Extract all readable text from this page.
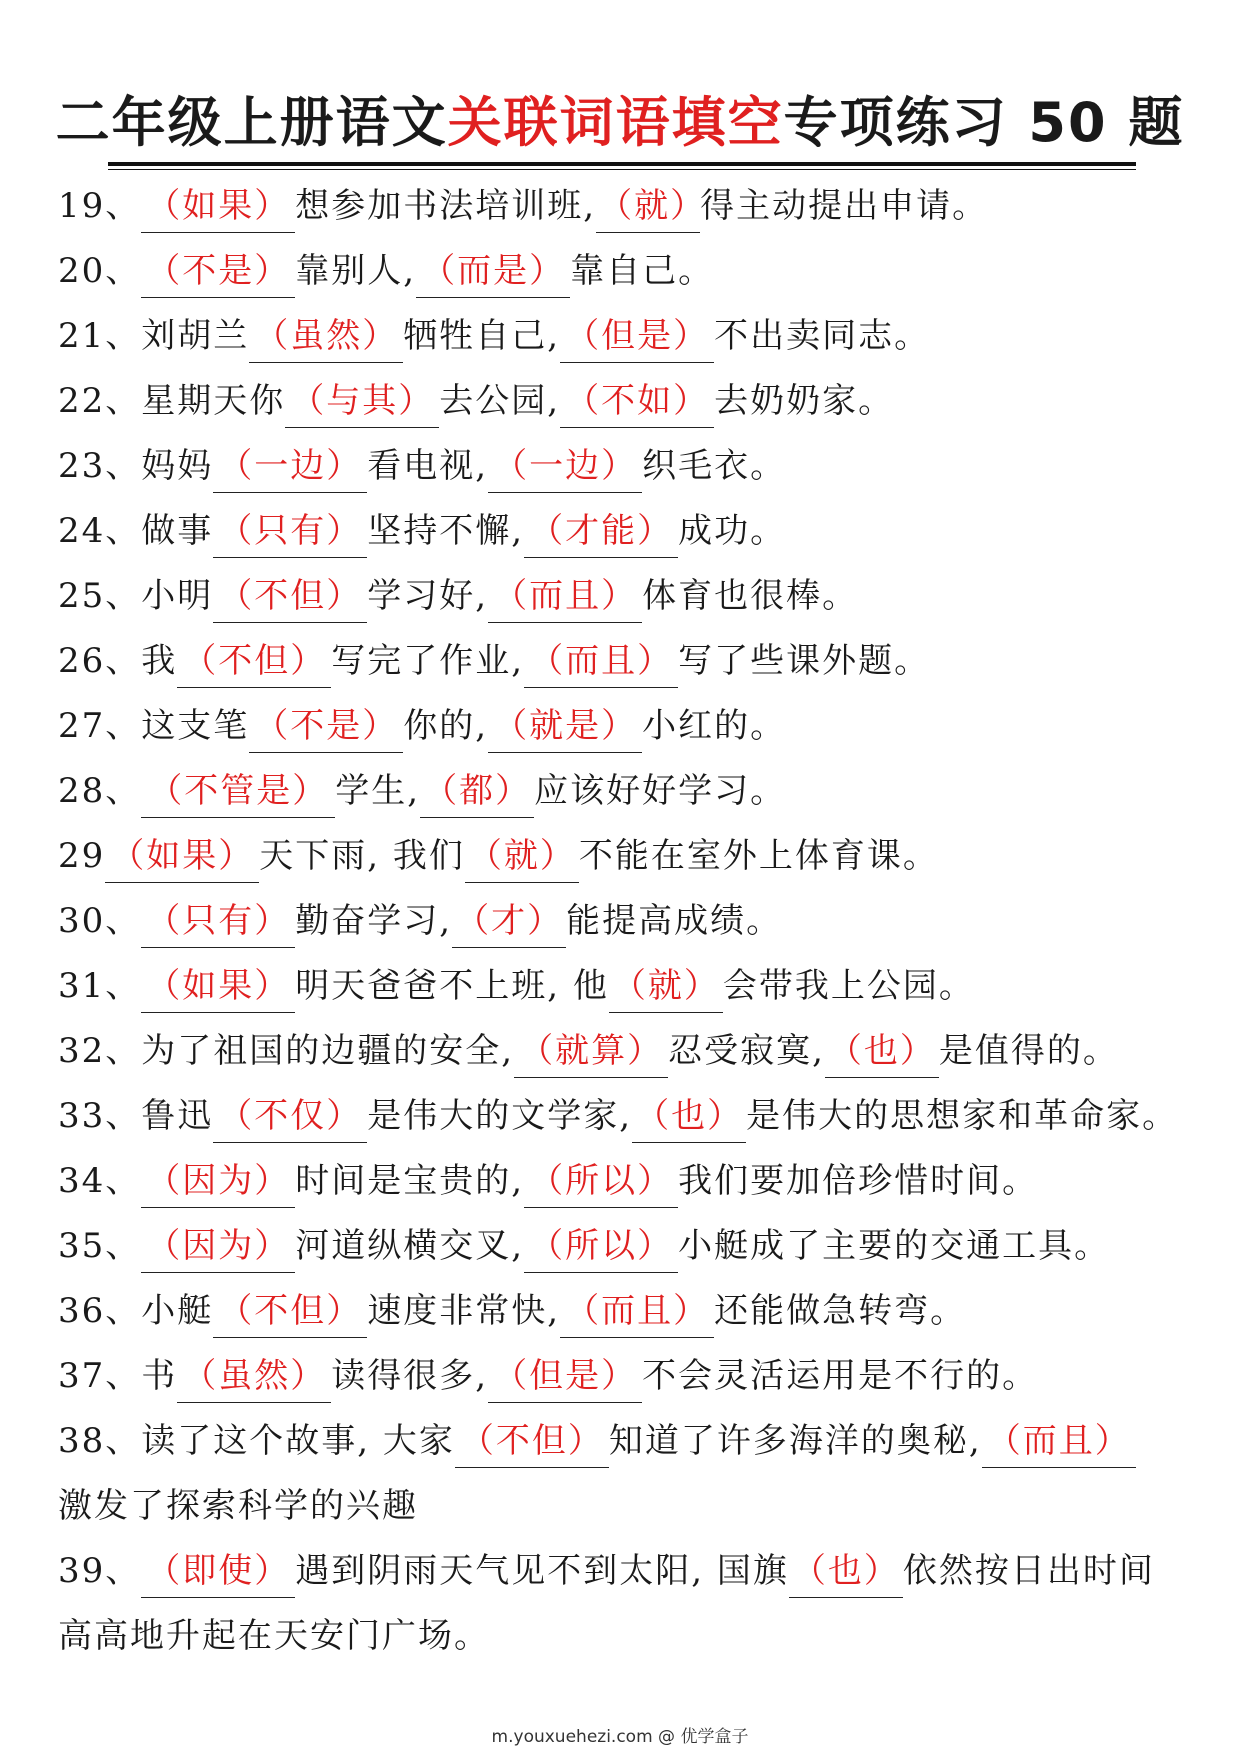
二年级上册语文关联词语填空专项练习 50 题
19、 （如果） 想参加书法培训班,（就）得主动提出申请。
20、 （不是） 靠别人, （而是） 靠自己。
21、刘胡兰 （虽然） 牺牲自己, （但是） 不出卖同志。
22、星期天你 （与其） 去公园, （不如） 去奶奶家。
23、妈妈 （一边） 看电视, （一边） 织毛衣。
24、做事 （只有） 坚持不懈, （才能） 成功。
25、小明 （不但） 学习好, （而且） 体育也很棒。
26、我 （不但） 写完了作业, （而且） 写了些课外题。
27、这支笔 （不是） 你的, （就是） 小红的。
28、 （不管是） 学生,（都）应该好好学习。
29 （如果） 天下雨, 我们（就）不能在室外上体育课。
30、 （只有） 勤奋学习,（才）能提高成绩。
31、 （如果） 明天爸爸不上班, 他（就）会带我上公园。
32、为了祖国的边疆的安全, （就算） 忍受寂寞,（也）是值得的。
33、鲁迅 （不仅） 是伟大的文学家,（也）是伟大的思想家和革命家。
34、 （因为） 时间是宝贵的, （所以） 我们要加倍珍惜时间。
35、 （因为） 河道纵横交叉, （所以） 小艇成了主要的交通工具。
36、小艇 （不但） 速度非常快, （而且） 还能做急转弯。
37、书 （虽然） 读得很多, （但是） 不会灵活运用是不行的。
38、读了这个故事, 大家 （不但） 知道了许多海洋的奥秘, （而且）
激发了探索科学的兴趣
39、 （即使） 遇到阴雨天气见不到太阳, 国旗（也）依然按日出时间
高高地升起在天安门广场。
m.youxuehezi.com @ 优学盒子
